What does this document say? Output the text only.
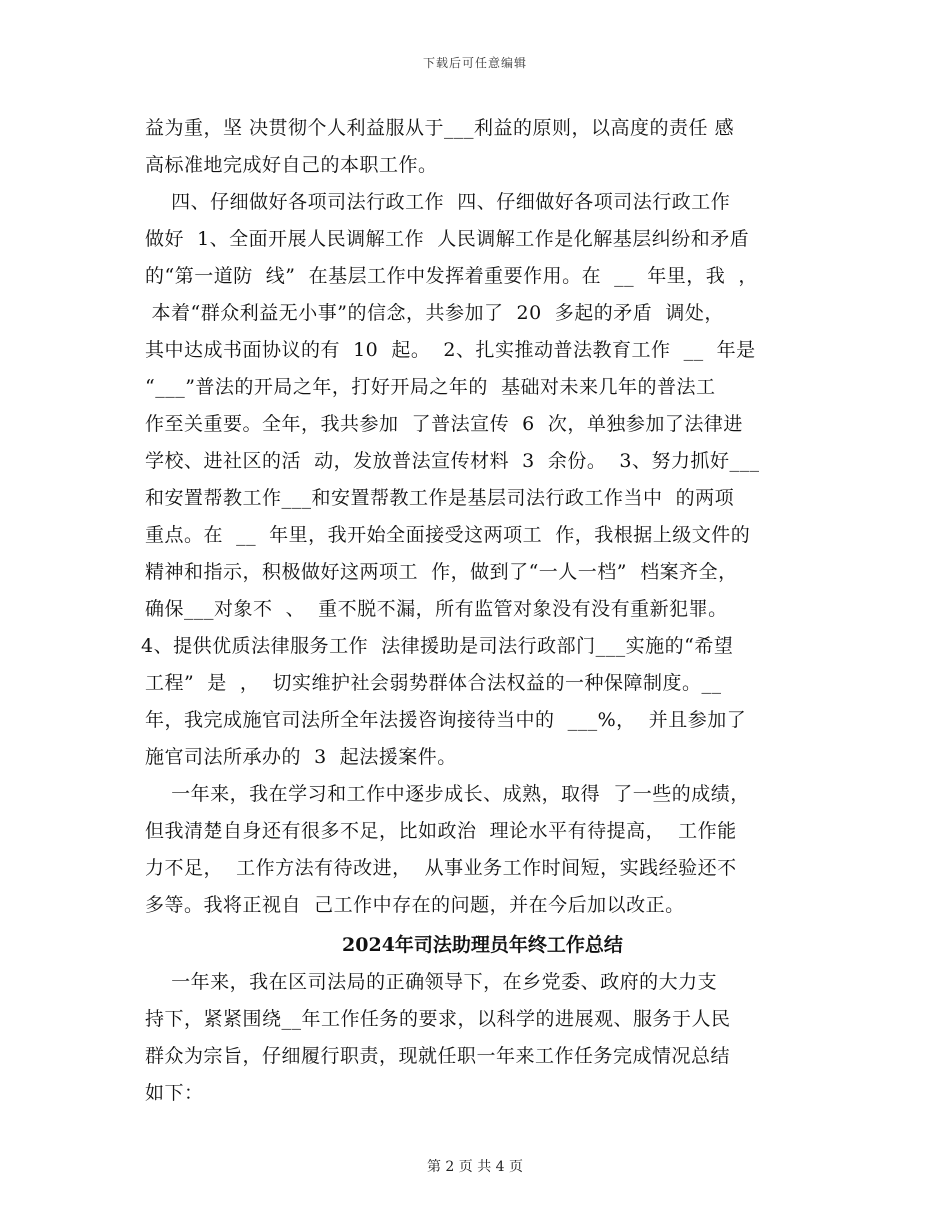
下载后可任意编辑
益为重，坚 决贯彻个人利益服从于___利益的原则，以高度的责任 感
高标准地完成好自己的本职工作。
四、仔细做好各项司法行政工作  四、仔细做好各项司法行政工作
做好  1、全面开展人民调解工作  人民调解工作是化解基层纠纷和矛盾
的“第一道防  线”  在基层工作中发挥着重要作用。在  __  年里，我  ，
本着“群众利益无小事”的信念，共参加了  20  多起的矛盾  调处，
其中达成书面协议的有  10  起。  2、扎实推动普法教育工作  __  年是
“___”普法的开局之年，打好开局之年的  基础对未来几年的普法工
作至关重要。全年，我共参加  了普法宣传  6  次，单独参加了法律进
学校、进社区的活  动，发放普法宣传材料  3  余份。  3、努力抓好___
和安置帮教工作___和安置帮教工作是基层司法行政工作当中  的两项
重点。在  __  年里，我开始全面接受这两项工  作，我根据上级文件的
精神和指示，积极做好这两项工  作，做到了“一人一档”  档案齐全，
确保___对象不  、  重不脱不漏，所有监管对象没有没有重新犯罪。
4、提供优质法律服务工作  法律援助是司法行政部门___实施的“希望
工程”  是  ，  切实维护社会弱势群体合法权益的一种保障制度。__
年，我完成施官司法所全年法援咨询接待当中的  ___%，  并且参加了
施官司法所承办的  3  起法援案件。
一年来，我在学习和工作中逐步成长、成熟，取得  了一些的成绩，
但我清楚自身还有很多不足，比如政治  理论水平有待提高，  工作能
力不足，  工作方法有待改进，  从事业务工作时间短，实践经验还不
多等。我将正视自  己工作中存在的问题，并在今后加以改正。
2024年司法助理员年终工作总结
一年来，我在区司法局的正确领导下，在乡党委、政府的大力支
持下，紧紧围绕__年工作任务的要求，以科学的进展观、服务于人民
群众为宗旨，仔细履行职责，现就任职一年来工作任务完成情况总结
如下：
第 2 页 共 4 页
